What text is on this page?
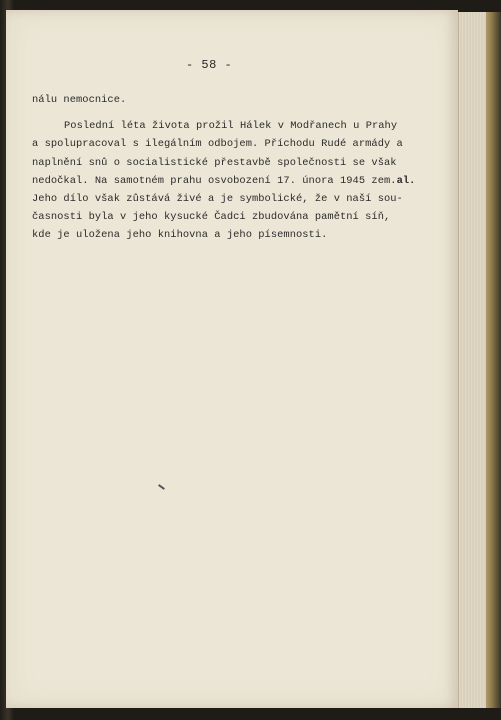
- 58 -
nálu nemocnice.
Poslední léta života prožil Hálek v Modřanech u Prahy
a spolupracoval s ilegálním odbojem. Příchodu Rudé armády a
naplnění snů o socialistické přestavbě společnosti se však
nedočkal. Na samotném prahu osvobození 17. února 1945 zem.al.
Jeho dílo však zůstává živé a je symbolické, že v naší sou-
časnosti byla v jeho kysucké Čadci zbudována pamětní síň,
kde je uložena jeho knihovna a jeho písemnosti.
